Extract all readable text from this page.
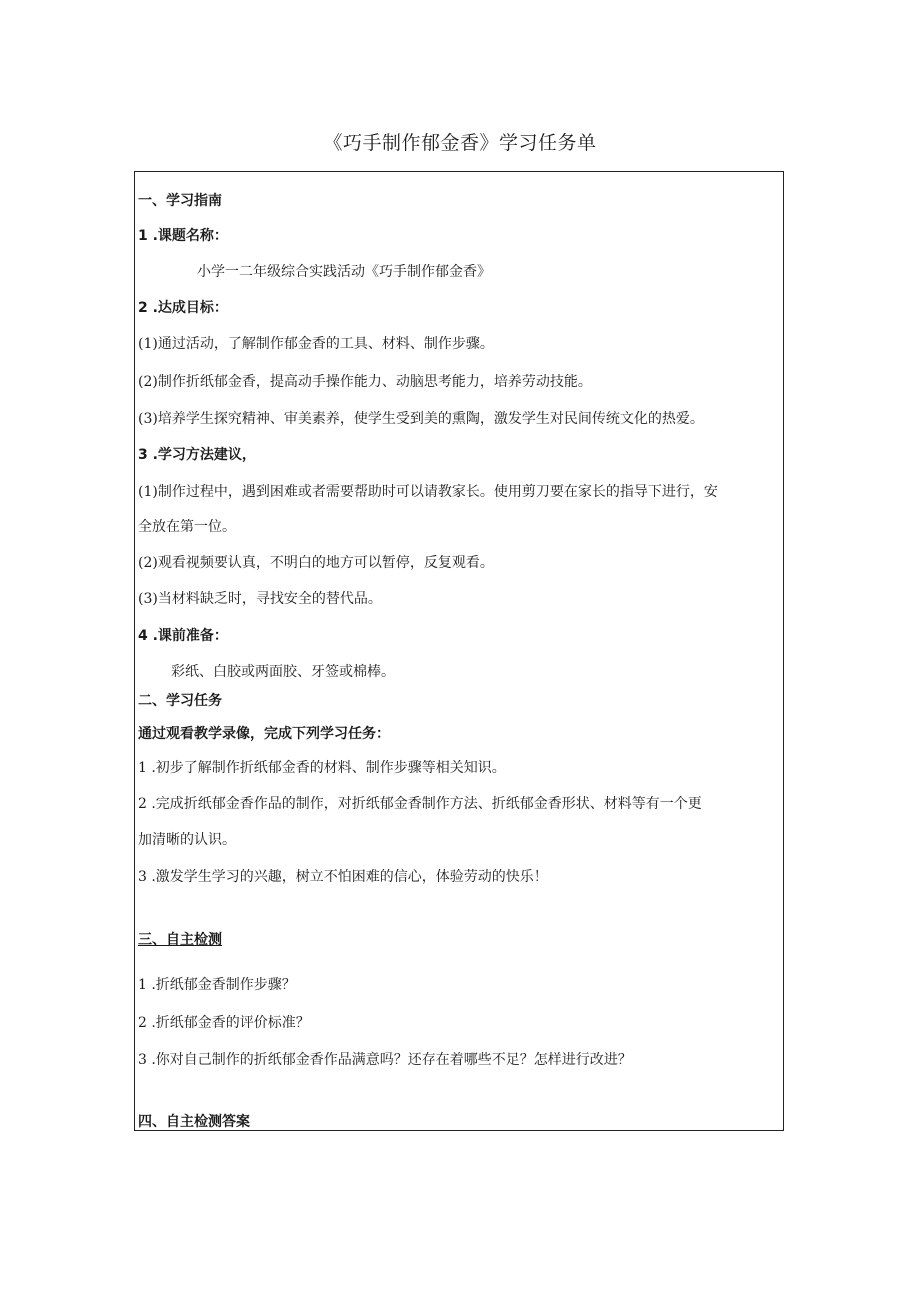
《巧手制作郁金香》学习任务单
一、学习指南
1 .课题名称：
小学一二年级综合实践活动《巧手制作郁金香》
2 .达成目标：
(1)通过活动，了解制作郁金香的工具、材料、制作步骤。
(2)制作折纸郁金香，提高动手操作能力、动脑思考能力，培养劳动技能。
(3)培养学生探究精神、审美素养，使学生受到美的熏陶，激发学生对民间传统文化的热爱。
3 .学习方法建议，
(1)制作过程中，遇到困难或者需要帮助时可以请教家长。使用剪刀要在家长的指导下进行，安
全放在第一位。
(2)观看视频要认真，不明白的地方可以暂停，反复观看。
(3)当材料缺乏时，寻找安全的替代品。
4 .课前准备：
彩纸、白胶或两面胶、牙签或棉棒。
二、学习任务
通过观看教学录像，完成下列学习任务：
1 .初步了解制作折纸郁金香的材料、制作步骤等相关知识。
2 .完成折纸郁金香作品的制作，对折纸郁金香制作方法、折纸郁金香形状、材料等有一个更
加清晰的认识。
3 .激发学生学习的兴趣，树立不怕困难的信心，体验劳动的快乐！
三、自主检测
1 .折纸郁金香制作步骤？
2 .折纸郁金香的评价标准？
3 .你对自己制作的折纸郁金香作品满意吗？还存在着哪些不足？怎样进行改进？
四、自主检测答案
